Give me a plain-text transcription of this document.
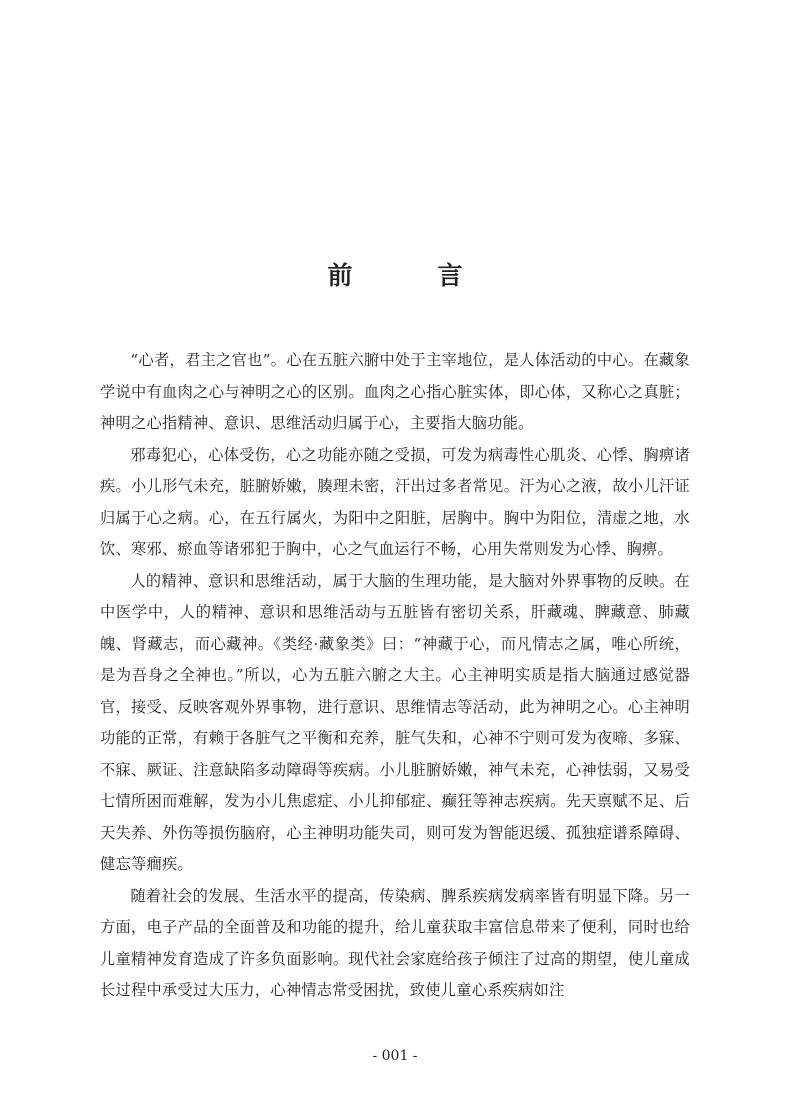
前　言

“心者，君主之官也”。心在五脏六腑中处于主宰地位，是人体活动的中心。在藏象学说中有血肉之心与神明之心的区别。血肉之心指心脏实体，即心体，又称心之真脏；神明之心指精神、意识、思维活动归属于心，主要指大脑功能。

邪毒犯心，心体受伤，心之功能亦随之受损，可发为病毒性心肌炎、心悸、胸痹诸疾。小儿形气未充，脏腑娇嫩，腠理未密，汗出过多者常见。汗为心之液，故小儿汗证归属于心之病。心，在五行属火，为阳中之阳脏，居胸中。胸中为阳位，清虚之地，水饮、寒邪、瘀血等诸邪犯于胸中，心之气血运行不畅，心用失常则发为心悸、胸痹。

人的精神、意识和思维活动，属于大脑的生理功能，是大脑对外界事物的反映。在中医学中，人的精神、意识和思维活动与五脏皆有密切关系，肝藏魂、脾藏意、肺藏魄、肾藏志，而心藏神。《类经·藏象类》曰：“神藏于心，而凡情志之属，唯心所统，是为吾身之全神也。”所以，心为五脏六腑之大主。心主神明实质是指大脑通过感觉器官，接受、反映客观外界事物，进行意识、思维情志等活动，此为神明之心。心主神明功能的正常，有赖于各脏气之平衡和充养，脏气失和，心神不宁则可发为夜啼、多寐、不寐、厥证、注意缺陷多动障碍等疾病。小儿脏腑娇嫩，神气未充，心神怯弱，又易受七情所困而难解，发为小儿焦虑症、小儿抑郁症、癫狂等神志疾病。先天禀赋不足、后天失养、外伤等损伤脑府，心主神明功能失司，则可发为智能迟缓、孤独症谱系障碍、健忘等癎疾。

随着社会的发展、生活水平的提高，传染病、脾系疾病发病率皆有明显下降。另一方面，电子产品的全面普及和功能的提升，给儿童获取丰富信息带来了便利，同时也给儿童精神发育造成了许多负面影响。现代社会家庭给孩子倾注了过高的期望，使儿童成长过程中承受过大压力，心神情志常受困扰，致使儿童心系疾病如注

- 001 -
